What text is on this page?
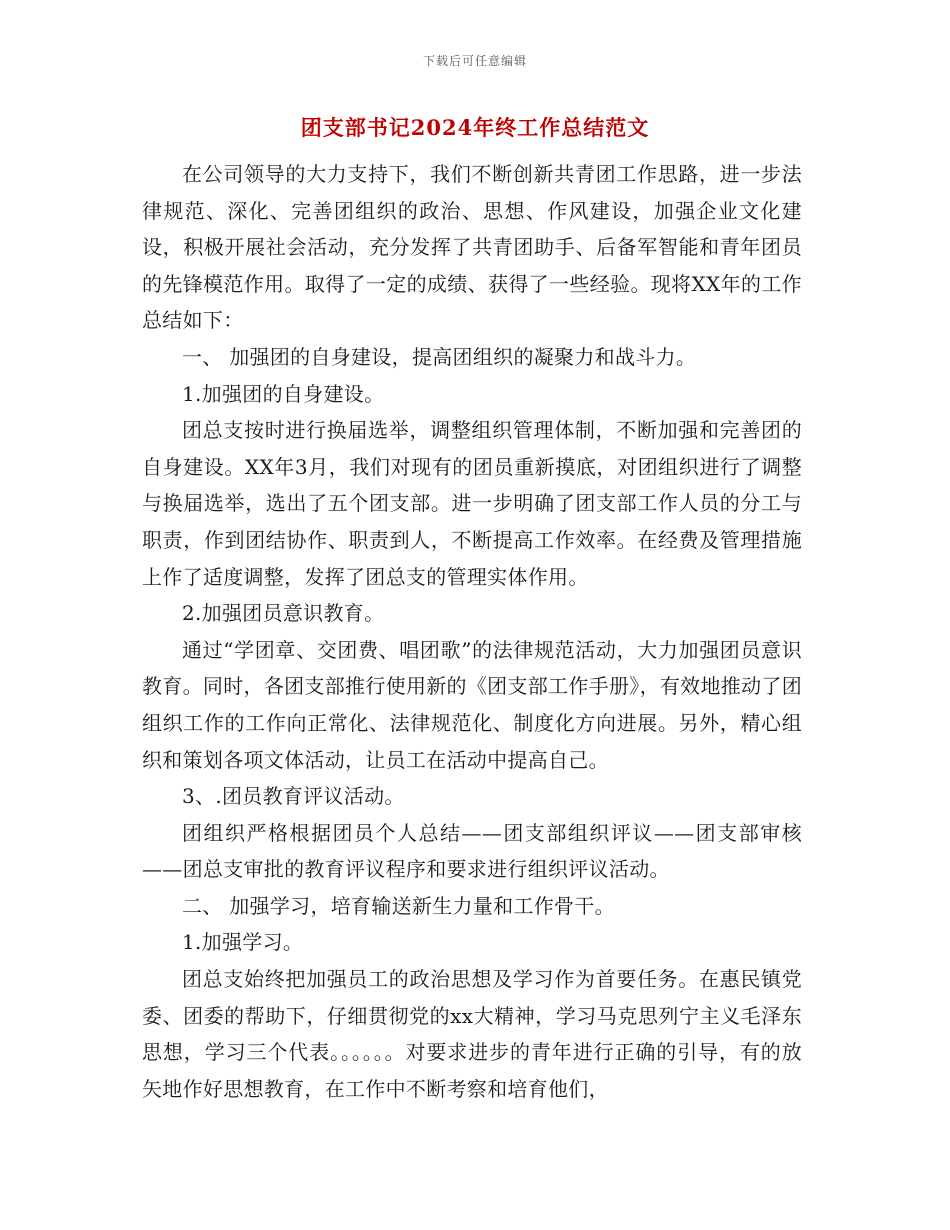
下载后可任意编辑
团支部书记2024年终工作总结范文

在公司领导的大力支持下，我们不断创新共青团工作思路，进一步法律规范、深化、完善团组织的政治、思想、作风建设，加强企业文化建设，积极开展社会活动，充分发挥了共青团助手、后备军智能和青年团员的先锋模范作用。取得了一定的成绩、获得了一些经验。现将XX年的工作总结如下：

一、 加强团的自身建设，提高团组织的凝聚力和战斗力。

1.加强团的自身建设。

团总支按时进行换届选举，调整组织管理体制，不断加强和完善团的自身建设。XX年3月，我们对现有的团员重新摸底，对团组织进行了调整与换届选举，选出了五个团支部。进一步明确了团支部工作人员的分工与职责，作到团结协作、职责到人，不断提高工作效率。在经费及管理措施上作了适度调整，发挥了团总支的管理实体作用。

2.加强团员意识教育。

通过“学团章、交团费、唱团歌”的法律规范活动，大力加强团员意识教育。同时，各团支部推行使用新的《团支部工作手册》，有效地推动了团组织工作的工作向正常化、法律规范化、制度化方向进展。另外，精心组织和策划各项文体活动，让员工在活动中提高自己。

3、.团员教育评议活动。

团组织严格根据团员个人总结——团支部组织评议——团支部审核——团总支审批的教育评议程序和要求进行组织评议活动。

二、 加强学习，培育输送新生力量和工作骨干。

1.加强学习。

团总支始终把加强员工的政治思想及学习作为首要任务。在惠民镇党委、团委的帮助下，仔细贯彻党的xx大精神，学习马克思列宁主义毛泽东思想，学习三个代表。。。。。。对要求进步的青年进行正确的引导，有的放矢地作好思想教育，在工作中不断考察和培育他们，
